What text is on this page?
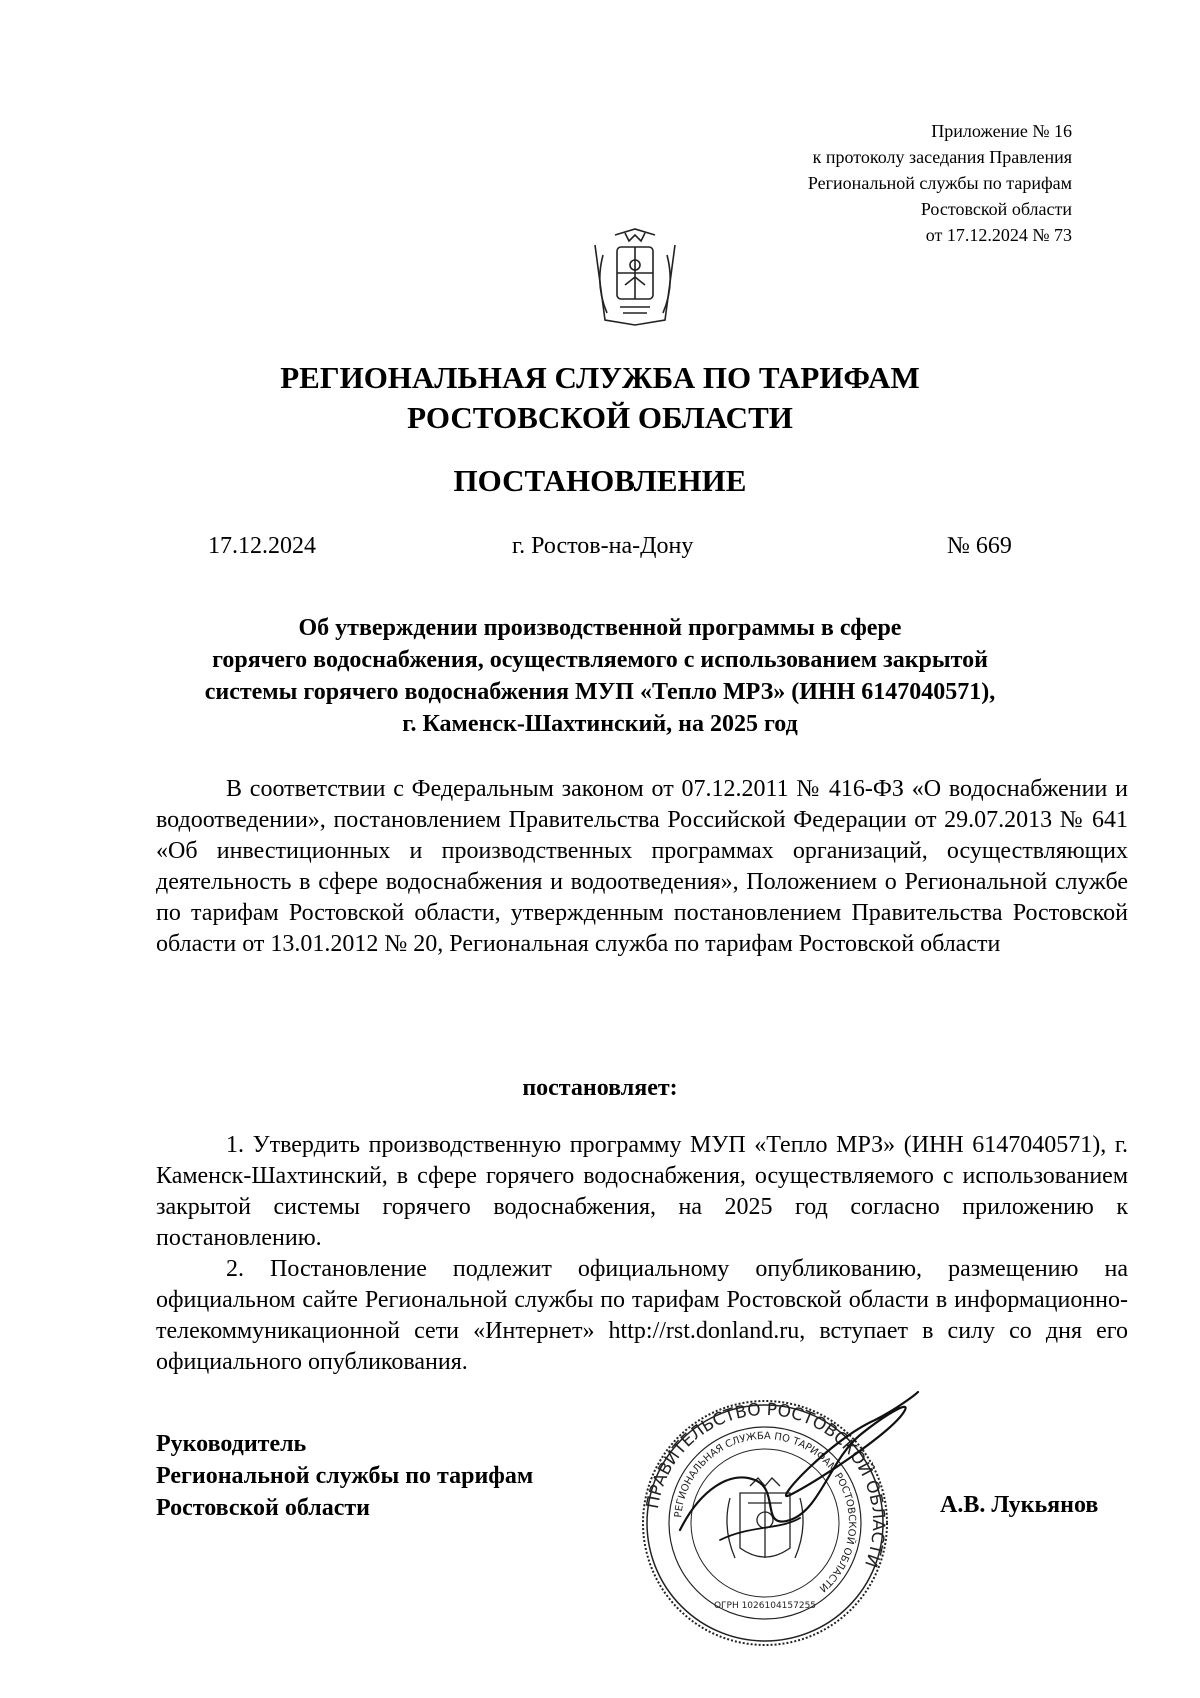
Приложение № 16
к протоколу заседания Правления
Региональной службы по тарифам
Ростовской области
от 17.12.2024 № 73
РЕГИОНАЛЬНАЯ СЛУЖБА ПО ТАРИФАМ
РОСТОВСКОЙ ОБЛАСТИ
ПОСТАНОВЛЕНИЕ
17.12.2024	г. Ростов-на-Дону	№ 669
Об утверждении производственной программы в сфере
горячего водоснабжения, осуществляемого с использованием закрытой
системы горячего водоснабжения МУП «Тепло МРЗ» (ИНН 6147040571),
г. Каменск-Шахтинский, на 2025 год

В соответствии с Федеральным законом от 07.12.2011 № 416-ФЗ «О водоснабжении и водоотведении», постановлением Правительства Российской Федерации от 29.07.2013 № 641 «Об инвестиционных и производственных программах организаций, осуществляющих деятельность в сфере водоснабжения и водоотведения», Положением о Региональной службе по тарифам Ростовской области, утвержденным постановлением Правительства Ростовской области от 13.01.2012 № 20, Региональная служба по тарифам Ростовской области

постановляет:

1. Утвердить производственную программу МУП «Тепло МРЗ» (ИНН 6147040571), г. Каменск-Шахтинский, в сфере горячего водоснабжения, осуществляемого с использованием закрытой системы горячего водоснабжения, на 2025 год согласно приложению к постановлению.

2. Постановление подлежит официальному опубликованию, размещению на официальном сайте Региональной службы по тарифам Ростовской области в информационно-телекоммуникационной сети «Интернет» http://rst.donland.ru, вступает в силу со дня его официального опубликования.

Руководитель
Региональной службы по тарифам
Ростовской области	ПРАВИТЕЛЬСТВО РОСТОВСКОЙ ОБЛАСТИ
РЕГИОНАЛЬНАЯ СЛУЖБА ПО ТАРИФАМ РОСТОВСКОЙ ОБЛАСТИ
ОГРН 1026104157255
А.В. Лукьянов
